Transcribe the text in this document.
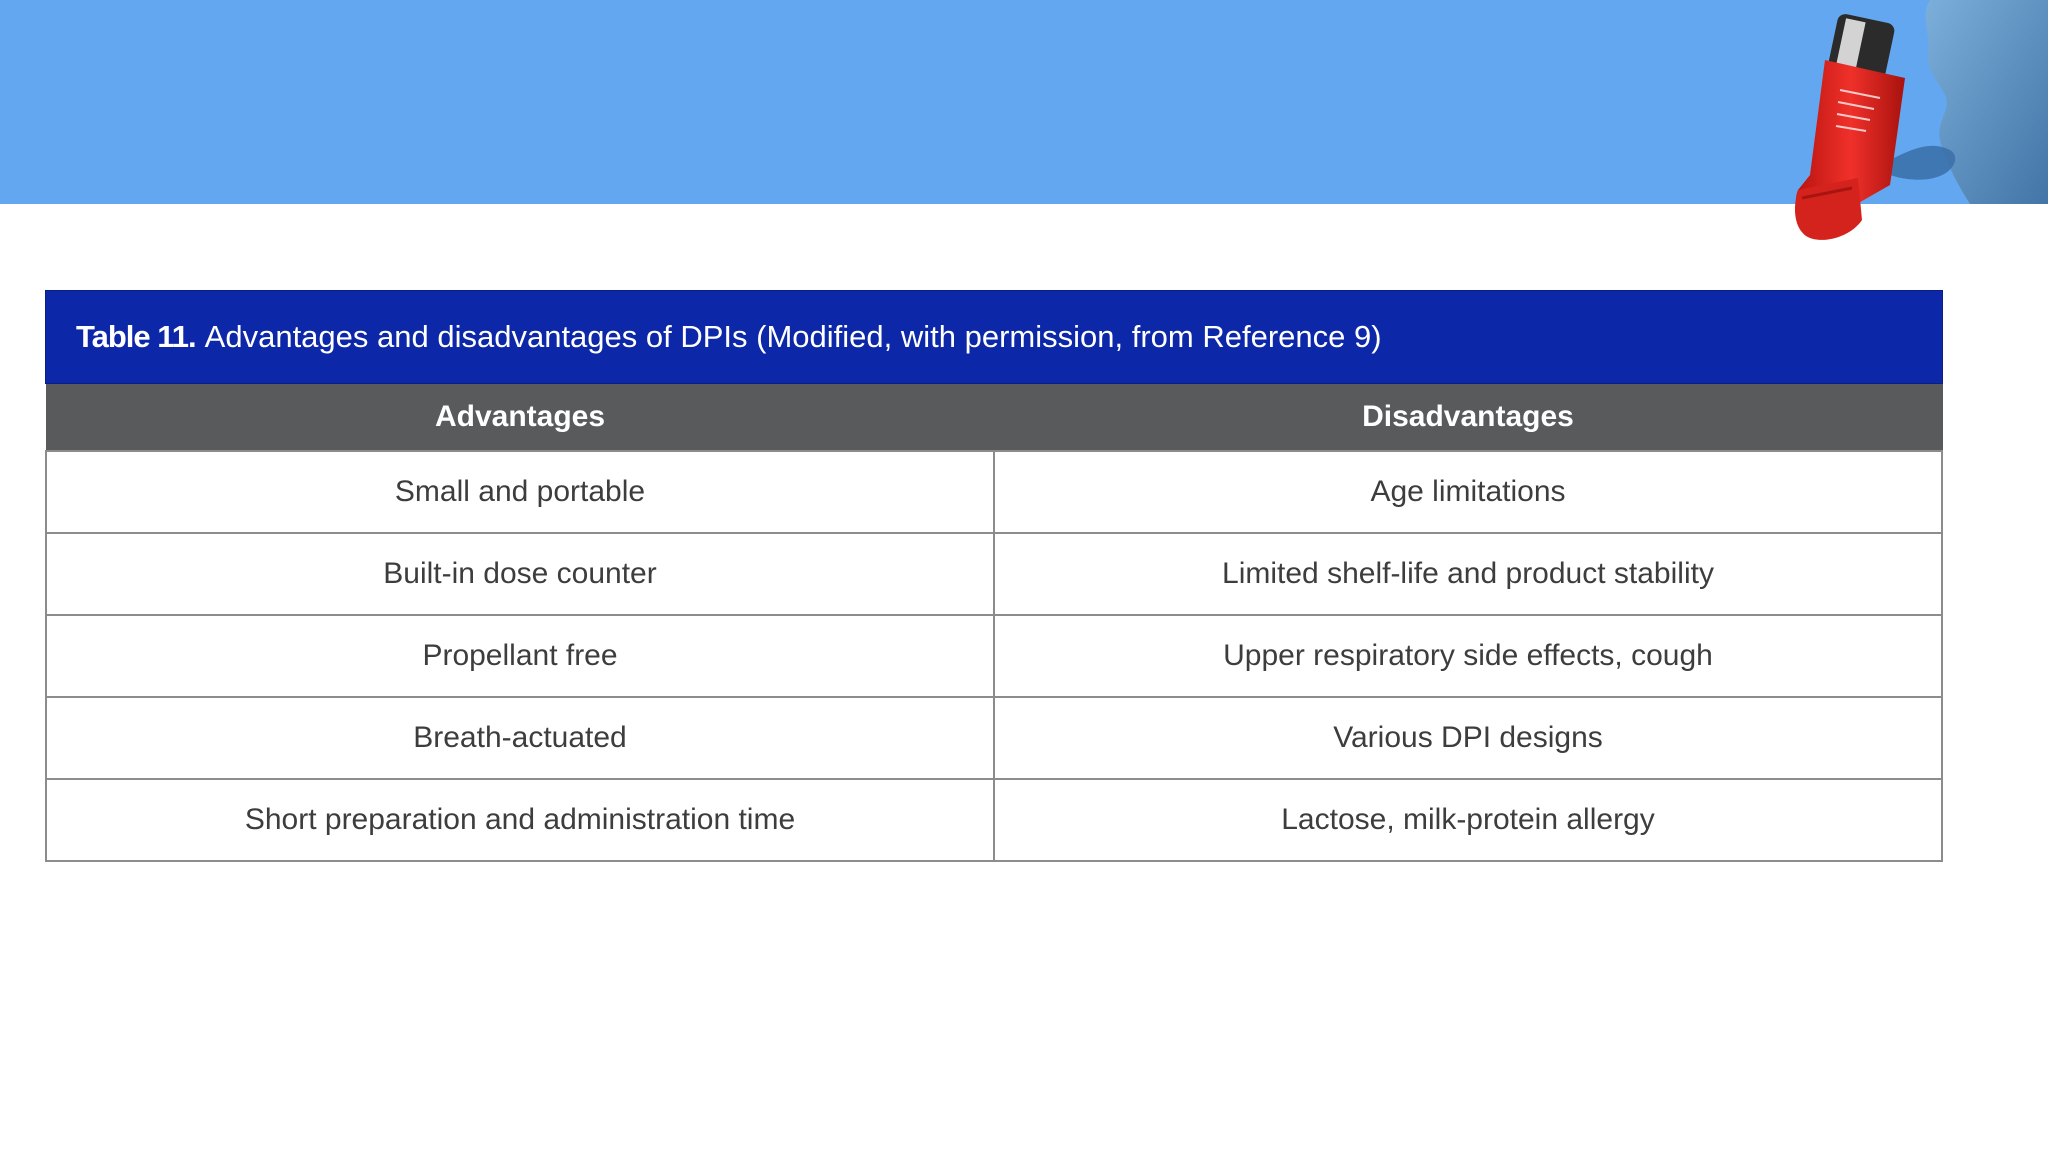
Table 11. Advantages and disadvantages of DPIs (Modified, with permission, from Reference 9)
Advantages	Disadvantages
Small and portable	Age limitations
Built-in dose counter	Limited shelf-life and product stability
Propellant free	Upper respiratory side effects, cough
Breath-actuated	Various DPI designs
Short preparation and administration time	Lactose, milk-protein allergy
